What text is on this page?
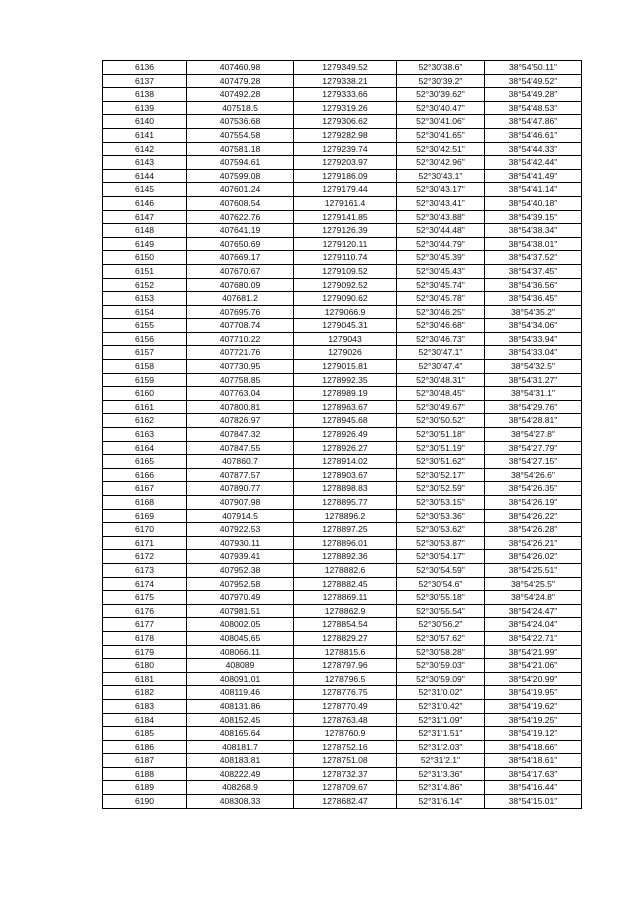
6136	407460.98	1279349.52	52°30'38.6"	38°54'50.11"
6137	407479.28	1279338.21	52°30'39.2"	38°54'49.52"
6138	407492.28	1279333.66	52°30'39.62"	38°54'49.28"
6139	407518.5	1279319.26	52°30'40.47"	38°54'48.53"
6140	407536.68	1279306.62	52°30'41.06"	38°54'47.86"
6141	407554.58	1279282.98	52°30'41.65"	38°54'46.61"
6142	407581.18	1279239.74	52°30'42.51"	38°54'44.33"
6143	407594.61	1279203.97	52°30'42.96"	38°54'42.44"
6144	407599.08	1279186.09	52°30'43.1"	38°54'41.49"
6145	407601.24	1279179.44	52°30'43.17"	38°54'41.14"
6146	407608.54	1279161.4	52°30'43.41"	38°54'40.18"
6147	407622.76	1279141.85	52°30'43.88"	38°54'39.15"
6148	407641.19	1279126.39	52°30'44.48"	38°54'38.34"
6149	407650.69	1279120.11	52°30'44.79"	38°54'38.01"
6150	407669.17	1279110.74	52°30'45.39"	38°54'37.52"
6151	407670.67	1279109.52	52°30'45.43"	38°54'37.45"
6152	407680.09	1279092.52	52°30'45.74"	38°54'36.56"
6153	407681.2	1279090.62	52°30'45.78"	38°54'36.45"
6154	407695.76	1279066.9	52°30'46.25"	38°54'35.2"
6155	407708.74	1279045.31	52°30'46.68"	38°54'34.06"
6156	407710.22	1279043	52°30'46.73"	38°54'33.94"
6157	407721.76	1279026	52°30'47.1"	38°54'33.04"
6158	407730.95	1279015.81	52°30'47.4"	38°54'32.5"
6159	407758.85	1278992.35	52°30'48.31"	38°54'31.27"
6160	407763.04	1278989.19	52°30'48.45"	38°54'31.1"
6161	407800.81	1278963.67	52°30'49.67"	38°54'29.76"
6162	407826.97	1278945.68	52°30'50.52"	38°54'28.81"
6163	407847.32	1278926.49	52°30'51.18"	38°54'27.8"
6164	407847.55	1278926.27	52°30'51.19"	38°54'27.79"
6165	407860.7	1278914.02	52°30'51.62"	38°54'27.15"
6166	407877.57	1278903.67	52°30'52.17"	38°54'26.6"
6167	407890.77	1278898.83	52°30'52.59"	38°54'26.35"
6168	407907.98	1278895.77	52°30'53.15"	38°54'26.19"
6169	407914.5	1278896.2	52°30'53.36"	38°54'26.22"
6170	407922.53	1278897.25	52°30'53.62"	38°54'26.28"
6171	407930.11	1278896.01	52°30'53.87"	38°54'26.21"
6172	407939.41	1278892.36	52°30'54.17"	38°54'26.02"
6173	407952.38	1278882.6	52°30'54.59"	38°54'25.51"
6174	407952.58	1278882.45	52°30'54.6"	38°54'25.5"
6175	407970.49	1278869.11	52°30'55.18"	38°54'24.8"
6176	407981.51	1278862.9	52°30'55.54"	38°54'24.47"
6177	408002.05	1278854.54	52°30'56.2"	38°54'24.04"
6178	408045.65	1278829.27	52°30'57.62"	38°54'22.71"
6179	408066.11	1278815.6	52°30'58.28"	38°54'21.99"
6180	408089	1278797.96	52°30'59.03"	38°54'21.06"
6181	408091.01	1278796.5	52°30'59.09"	38°54'20.99"
6182	408119.46	1278776.75	52°31'0.02"	38°54'19.95"
6183	408131.86	1278770.49	52°31'0.42"	38°54'19.62"
6184	408152.45	1278763.48	52°31'1.09"	38°54'19.25"
6185	408165.64	1278760.9	52°31'1.51"	38°54'19.12"
6186	408181.7	1278752.16	52°31'2.03"	38°54'18.66"
6187	408183.81	1278751.08	52°31'2.1"	38°54'18.61"
6188	408222.49	1278732.37	52°31'3.36"	38°54'17.63"
6189	408268.9	1278709.67	52°31'4.86"	38°54'16.44"
6190	408308.33	1278682.47	52°31'6.14"	38°54'15.01"
